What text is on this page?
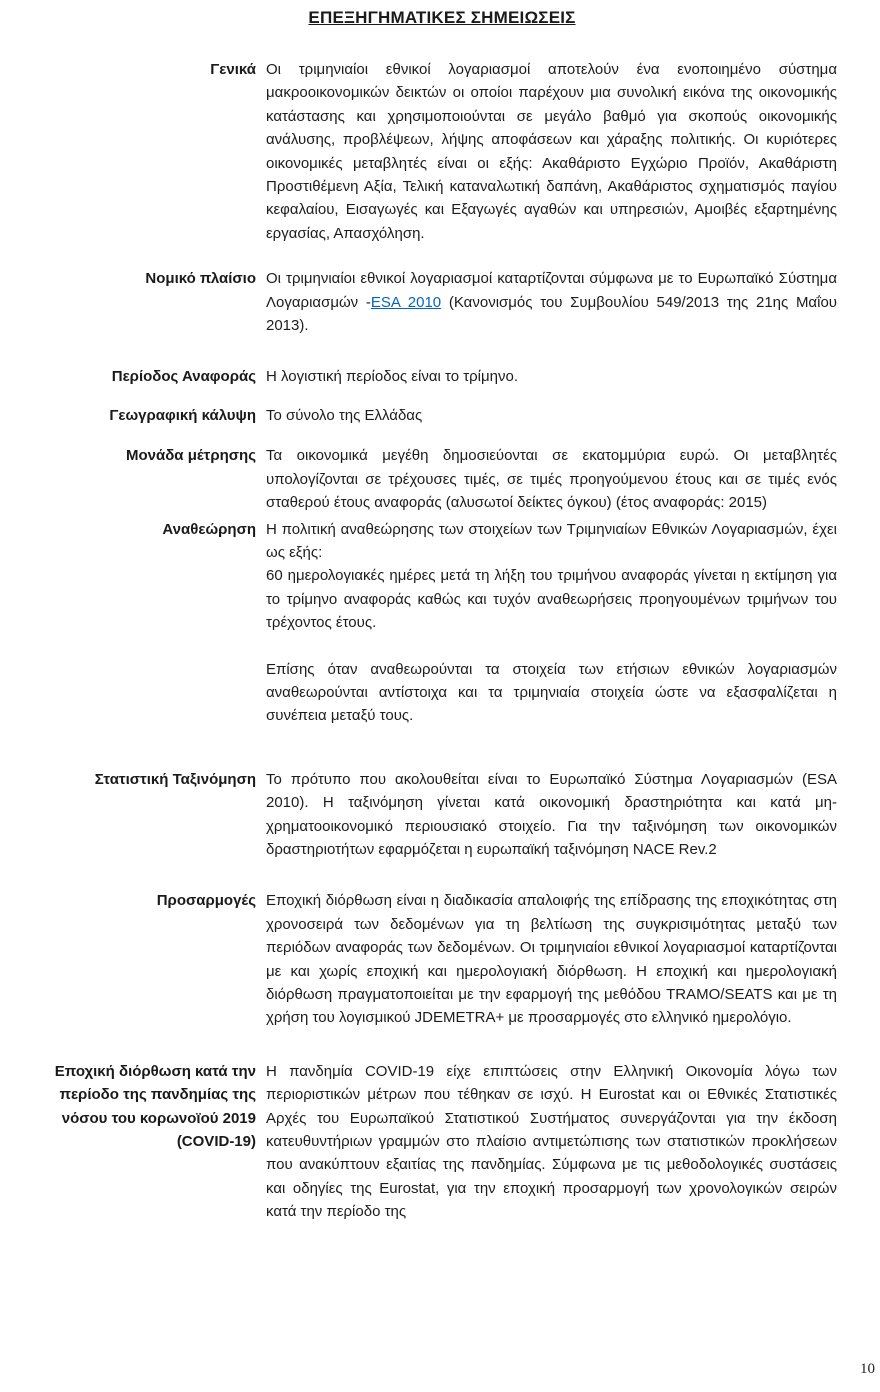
ΕΠΕΞΗΓΗΜΑΤΙΚΕΣ ΣΗΜΕΙΩΣΕΙΣ
Γενικά Οι τριμηνιαίοι εθνικοί λογαριασμοί αποτελούν ένα ενοποιημένο σύστημα μακροοικονομικών δεικτών οι οποίοι παρέχουν μια συνολική εικόνα της οικονομικής κατάστασης και χρησιμοποιούνται σε μεγάλο βαθμό για σκοπούς οικονομικής ανάλυσης, προβλέψεων, λήψης αποφάσεων και χάραξης πολιτικής. Οι κυριότερες οικονομικές μεταβλητές είναι οι εξής: Ακαθάριστο Εγχώριο Προϊόν, Ακαθάριστη Προστιθέμενη Αξία, Τελική καταναλωτική δαπάνη, Ακαθάριστος σχηματισμός παγίου κεφαλαίου, Εισαγωγές και Εξαγωγές αγαθών και υπηρεσιών, Αμοιβές εξαρτημένης εργασίας, Απασχόληση.

Νομικό πλαίσιο Οι τριμηνιαίοι εθνικοί λογαριασμοί καταρτίζονται σύμφωνα με το Ευρωπαϊκό Σύστημα Λογαριασμών -ESA 2010 (Κανονισμός του Συμβουλίου 549/2013 της 21ης Μαΐου 2013).

Περίοδος Αναφοράς Η λογιστική περίοδος είναι το τρίμηνο.

Γεωγραφική κάλυψη Το σύνολο της Ελλάδας

Μονάδα μέτρησης Τα οικονομικά μεγέθη δημοσιεύονται σε εκατομμύρια ευρώ. Οι μεταβλητές υπολογίζονται σε τρέχουσες τιμές, σε τιμές προηγούμενου έτους και σε τιμές ενός σταθερού έτους αναφοράς (αλυσωτοί δείκτες όγκου) (έτος αναφοράς: 2015)

Αναθεώρηση Η πολιτική αναθεώρησης των στοιχείων των Τριμηνιαίων Εθνικών Λογαριασμών, έχει ως εξής:

60 ημερολογιακές ημέρες μετά τη λήξη του τριμήνου αναφοράς γίνεται η εκτίμηση για το τρίμηνο αναφοράς καθώς και τυχόν αναθεωρήσεις προηγουμένων τριμήνων του τρέχοντος έτους.

Επίσης όταν αναθεωρούνται τα στοιχεία των ετήσιων εθνικών λογαριασμών αναθεωρούνται αντίστοιχα και τα τριμηνιαία στοιχεία ώστε να εξασφαλίζεται η συνέπεια μεταξύ τους.

Στατιστική Ταξινόμηση Το πρότυπο που ακολουθείται είναι το Ευρωπαϊκό Σύστημα Λογαριασμών (ESA 2010). Η ταξινόμηση γίνεται κατά οικονομική δραστηριότητα και κατά μη-χρηματοοικονομικό περιουσιακό στοιχείο. Για την ταξινόμηση των οικονομικών δραστηριοτήτων εφαρμόζεται η ευρωπαϊκή ταξινόμηση NACE Rev.2

Προσαρμογές Εποχική διόρθωση είναι η διαδικασία απαλοιφής της επίδρασης της εποχικότητας στη χρονοσειρά των δεδομένων για τη βελτίωση της συγκρισιμότητας μεταξύ των περιόδων αναφοράς των δεδομένων. Οι τριμηνιαίοι εθνικοί λογαριασμοί καταρτίζονται με και χωρίς εποχική και ημερολογιακή διόρθωση. Η εποχική και ημερολογιακή διόρθωση πραγματοποιείται με την εφαρμογή της μεθόδου TRAMO/SEATS και με τη χρήση του λογισμικού JDEMETRA+ με προσαρμογές στο ελληνικό ημερολόγιο.

Εποχική διόρθωση κατά την περίοδο της πανδημίας της νόσου του κορωνοϊού 2019 (COVID-19)

Η πανδημία COVID-19 είχε επιπτώσεις στην Ελληνική Οικονομία λόγω των περιοριστικών μέτρων που τέθηκαν σε ισχύ. Η Eurostat και οι Εθνικές Στατιστικές Αρχές του Ευρωπαϊκού Στατιστικού Συστήματος συνεργάζονται για την έκδοση κατευθυντήριων γραμμών στο πλαίσιο αντιμετώπισης των στατιστικών προκλήσεων που ανακύπτουν εξαιτίας της πανδημίας. Σύμφωνα με τις μεθοδολογικές συστάσεις και οδηγίες της Eurostat, για την εποχική προσαρμογή των χρονολογικών σειρών κατά την περίοδο της

10
